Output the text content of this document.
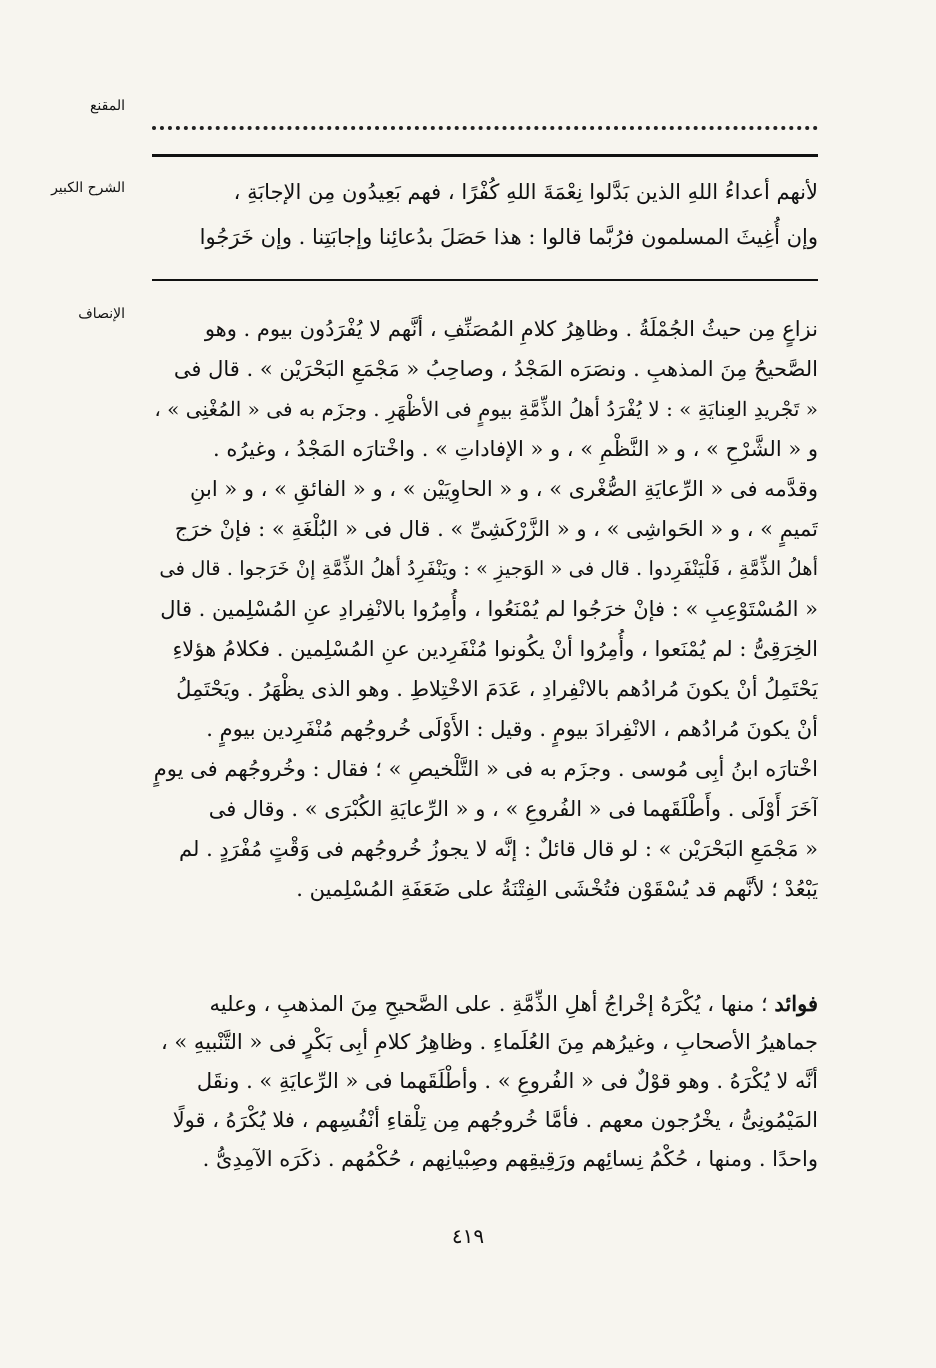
المقنع
الشرح الكبير	لأنهم أعداءُ اللهِ الذين بَدَّلوا نِعْمَةَ اللهِ كُفْرًا ، فهم بَعِيدُون مِن الإجابَةِ ،
وإن أُغِيثَ المسلمون فرُبَّما قالوا : هذا حَصَلَ بدُعائِنا وإجابَتِنا . وإن خَرَجُوا
الإنصاف
نزاعٍ مِن حيثُ الجُمْلَةُ . وظاهِرُ كلامِ المُصَنِّفِ ، أنَّهم لا يُفْرَدُون بيوم . وهو
الصَّحيحُ مِنَ المذهبِ . ونصَرَه المَجْدُ ، وصاحِبُ « مَجْمَعِ البَحْرَيْن » . قال فى
« تَجْريدِ العِنايَةِ » : لا يُفْرَدُ أهلُ الذِّمَّةِ بيومٍ فى الأظْهَرِ . وجزَم به فى « المُغْنِى » ،
و « الشَّرْحِ » ، و « النَّظْمِ » ، و « الإفاداتِ » . واخْتارَه المَجْدُ ، وغيرُه .
وقدَّمه فى « الرِّعايَةِ الصُّغْرى » ، و « الحاوِيَيْن » ، و « الفائقِ » ، و « ابنِ
تَميمٍ » ، و « الحَواشِى » ، و « الزَّرْكَشِىِّ » . قال فى « البُلْغَةِ » : فإنْ خرَج
أهلُ الذِّمَّةِ ، فَلْيَنْفَرِدوا . قال فى « الوَجيزِ » : ويَنْفَرِدُ أهلُ الذِّمَّةِ إنْ خَرَجوا . قال فى
« المُسْتَوْعِبِ » : فإنْ خرَجُوا لم يُمْنَعُوا ، وأُمِرُوا بالانْفِرادِ عنِ المُسْلِمين . قال
الخِرَقِىُّ : لم يُمْنَعوا ، وأُمِرُوا أنْ يكُونوا مُنْفَرِدين عنِ المُسْلِمين . فكلامُ هؤلاءِ
يَحْتَمِلُ أنْ يكونَ مُرادُهم بالانْفِرادِ ، عَدَمَ الاخْتِلاطِ . وهو الذى يظْهَرُ . ويَحْتَمِلُ
أنْ يكونَ مُرادُهم ، الانْفِرادَ بيومٍ . وقيل : الأَوْلَى خُروجُهم مُنْفَرِدين بيومٍ .
اخْتارَه ابنُ أبِى مُوسى . وجزَم به فى « التَّلْخيصِ » ؛ فقال : وخُروجُهم فى يومٍ
آخَرَ أَوْلَى . وأَطْلَقَهما فى « الفُروعِ » ، و « الرِّعايَةِ الكُبْرَى » . وقال فى
« مَجْمَعِ البَحْرَيْن » : لو قال قائلٌ : إنَّه لا يجوزُ خُروجُهم فى وَقْتٍ مُفْرَدٍ . لم
يَبْعُدْ ؛ لأنَّهم قد يُسْقَوْن فتُخْشَى الفِتْنَةُ على ضَعَفَةِ المُسْلِمين .
فوائد ؛ منها ، يُكْرَهُ إخْراجُ أهلِ الذِّمَّةِ . على الصَّحيحِ مِنَ المذهبِ ، وعليه
جماهيرُ الأصحابِ ، وغيرُهم مِنَ العُلَماءِ . وظاهِرُ كلامِ أبِى بَكْرٍ فى « التَّنْبيهِ » ،
أنَّه لا يُكْرَهُ . وهو قوْلٌ فى « الفُروعِ » . وأطْلَقَهما فى « الرِّعايَةِ » . ونقَل
المَيْمُونِىُّ ، يخْرُجون معهم . فأمَّا خُروجُهم مِن تِلْقاءِ أنْفُسِهم ، فلا يُكْرَهُ ، قولًا
واحدًا . ومنها ، حُكْمُ نِسائِهم ورَقِيقِهم وصِبْيانِهم ، حُكْمُهم . ذكَرَه الآمِدِىُّ .
٤١٩
